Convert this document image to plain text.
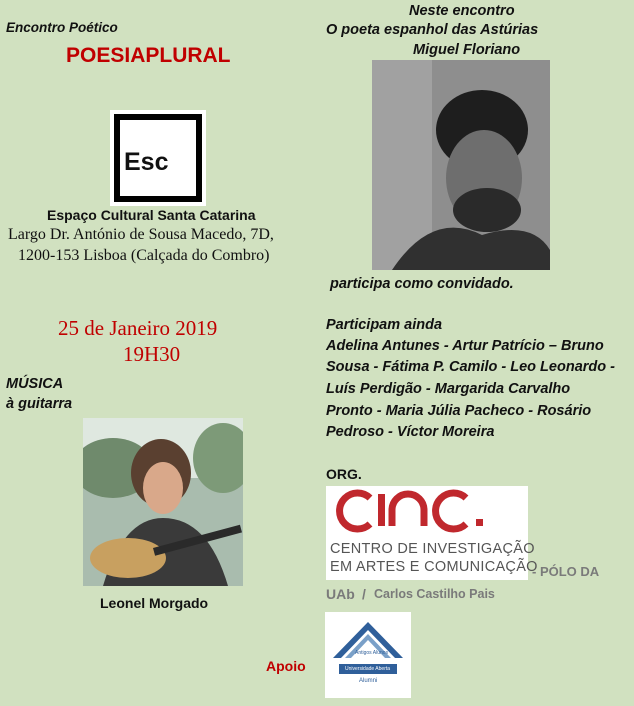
Encontro Poético
POESIAPLURAL
Neste encontro
O poeta espanhol das Astúrias
Miguel Floriano
participa como convidado.
Esc
Espaço Cultural Santa Catarina
Largo Dr. António de Sousa Macedo, 7D,
1200-153 Lisboa (Calçada do Combro)
25 de Janeiro 2019
19H30
MÚSICA
à guitarra
Leonel Morgado
Participam ainda
Adelina Antunes - Artur Patrício – Bruno
Sousa - Fátima P. Camilo - Leo Leonardo -
Luís Perdigão - Margarida Carvalho
Pronto - Maria Júlia Pacheco - Rosário
Pedroso - Víctor Moreira
ORG.
CENTRO DE INVESTIGAÇÃO
EM ARTES E COMUNICAÇÃO
- PÓLO DA
UAb / Carlos Castilho Pais
Apoio
Antigos Alunos
Universidade Aberta
Alumni
